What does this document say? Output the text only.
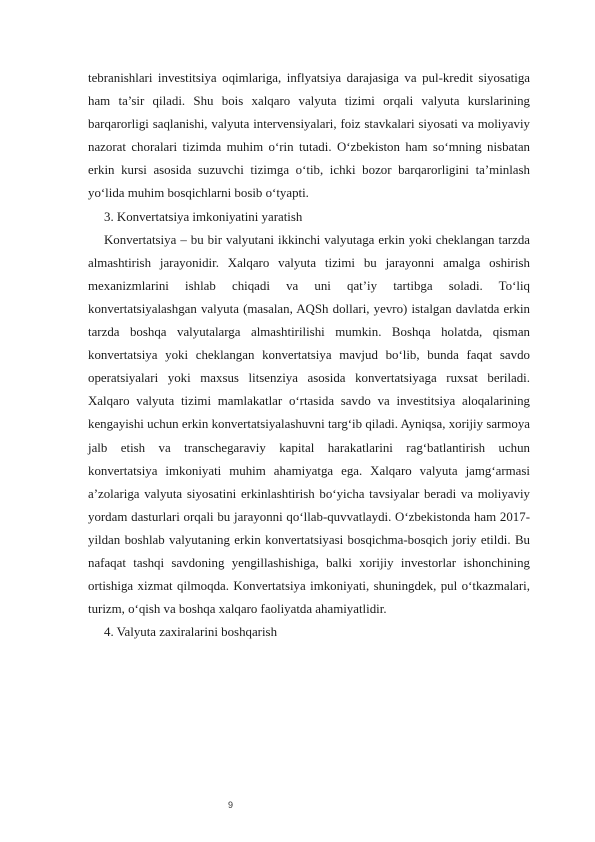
tebranishlari investitsiya oqimlariga, inflyatsiya darajasiga va pul-kredit siyosatiga ham ta’sir qiladi. Shu bois xalqaro valyuta tizimi orqali valyuta kurslarining barqarorligi saqlanishi, valyuta intervensiyalari, foiz stavkalari siyosati va moliyaviy nazorat choralari tizimda muhim o‘rin tutadi. O‘zbekiston ham so‘mning nisbatan erkin kursi asosida suzuvchi tizimga o‘tib, ichki bozor barqarorligini ta’minlash yo‘lida muhim bosqichlarni bosib o‘tyapti.

3. Konvertatsiya imkoniyatini yaratish

Konvertatsiya – bu bir valyutani ikkinchi valyutaga erkin yoki cheklangan tarzda almashtirish jarayonidir. Xalqaro valyuta tizimi bu jarayonni amalga oshirish mexanizmlarini ishlab chiqadi va uni qat’iy tartibga soladi. To‘liq konvertatsiyalashgan valyuta (masalan, AQSh dollari, yevro) istalgan davlatda erkin tarzda boshqa valyutalarga almashtirilishi mumkin. Boshqa holatda, qisman konvertatsiya yoki cheklangan konvertatsiya mavjud bo‘lib, bunda faqat savdo operatsiyalari yoki maxsus litsenziya asosida konvertatsiyaga ruxsat beriladi. Xalqaro valyuta tizimi mamlakatlar o‘rtasida savdo va investitsiya aloqalarining kengayishi uchun erkin konvertatsiyalashuvni targ‘ib qiladi. Ayniqsa, xorijiy sarmoya jalb etish va transchegaraviy kapital harakatlarini rag‘batlantirish uchun konvertatsiya imkoniyati muhim ahamiyatga ega. Xalqaro valyuta jamg‘armasi a’zolariga valyuta siyosatini erkinlashtirish bo‘yicha tavsiyalar beradi va moliyaviy yordam dasturlari orqali bu jarayonni qo‘llab-quvvatlaydi. O‘zbekistonda ham 2017-yildan boshlab valyutaning erkin konvertatsiyasi bosqichma-bosqich joriy etildi. Bu nafaqat tashqi savdoning yengillashishiga, balki xorijiy investorlar ishonchining ortishiga xizmat qilmoqda. Konvertatsiya imkoniyati, shuningdek, pul o‘tkazmalari, turizm, o‘qish va boshqa xalqaro faoliyatda ahamiyatlidir.

4. Valyuta zaxiralarini boshqarish

9
